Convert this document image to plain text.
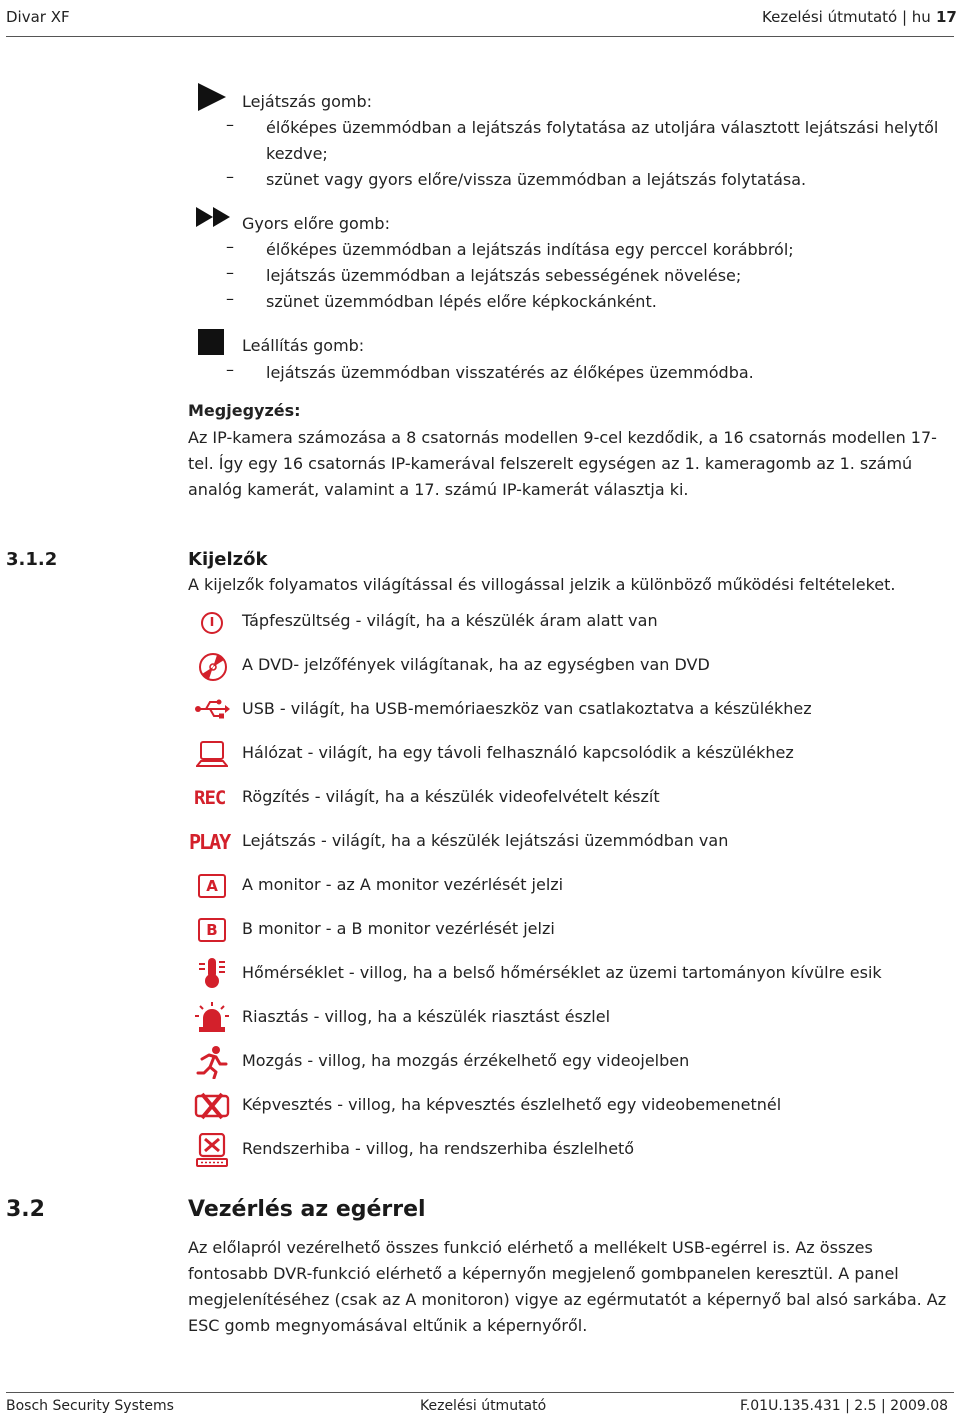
Divar XF	Kezelési útmutató | hu 17
Lejátszás gomb:
– élőképes üzemmódban a lejátszás folytatása az utoljára választott lejátszási helytől
kezdve;
– szünet vagy gyors előre/vissza üzemmódban a lejátszás folytatása.
Gyors előre gomb:
– élőképes üzemmódban a lejátszás indítása egy perccel korábbról;
– lejátszás üzemmódban a lejátszás sebességének növelése;
– szünet üzemmódban lépés előre képkockánként.
Leállítás gomb:
– lejátszás üzemmódban visszatérés az élőképes üzemmódba.
Megjegyzés:
Az IP-kamera számozása a 8 csatornás modellen 9-cel kezdődik, a 16 csatornás modellen 17-
tel. Így egy 16 csatornás IP-kamerával felszerelt egységen az 1. kameragomb az 1. számú
analóg kamerát, valamint a 17. számú IP-kamerát választja ki.
3.1.2	Kijelzők
A kijelzők folyamatos világítással és villogással jelzik a különböző működési feltételeket.
Tápfeszültség - világít, ha a készülék áram alatt van
A DVD- jelzőfények világítanak, ha az egységben van DVD
USB - világít, ha USB-memóriaeszköz van csatlakoztatva a készülékhez
Hálózat - világít, ha egy távoli felhasználó kapcsolódik a készülékhez
REC Rögzítés - világít, ha a készülék videofelvételt készít
PLAY Lejátszás - világít, ha a készülék lejátszási üzemmódban van
A	A monitor - az A monitor vezérlését jelzi
B	B monitor - a B monitor vezérlését jelzi
Hőmérséklet - villog, ha a belső hőmérséklet az üzemi tartományon kívülre esik
Riasztás - villog, ha a készülék riasztást észlel
Mozgás - villog, ha mozgás érzékelhető egy videojelben
Képvesztés - villog, ha képvesztés észlelhető egy videobemenetnél
Rendszerhiba - villog, ha rendszerhiba észlelhető
3.2	Vezérlés az egérrel
Az előlapról vezérelhető összes funkció elérhető a mellékelt USB-egérrel is. Az összes
fontosabb DVR-funkció elérhető a képernyőn megjelenő gombpanelen keresztül. A panel
megjelenítéséhez (csak az A monitoron) vigye az egérmutatót a képernyő bal alsó sarkába. Az
ESC gomb megnyomásával eltűnik a képernyőről.
Bosch Security Systems	Kezelési útmutató	F.01U.135.431 | 2.5 | 2009.08
